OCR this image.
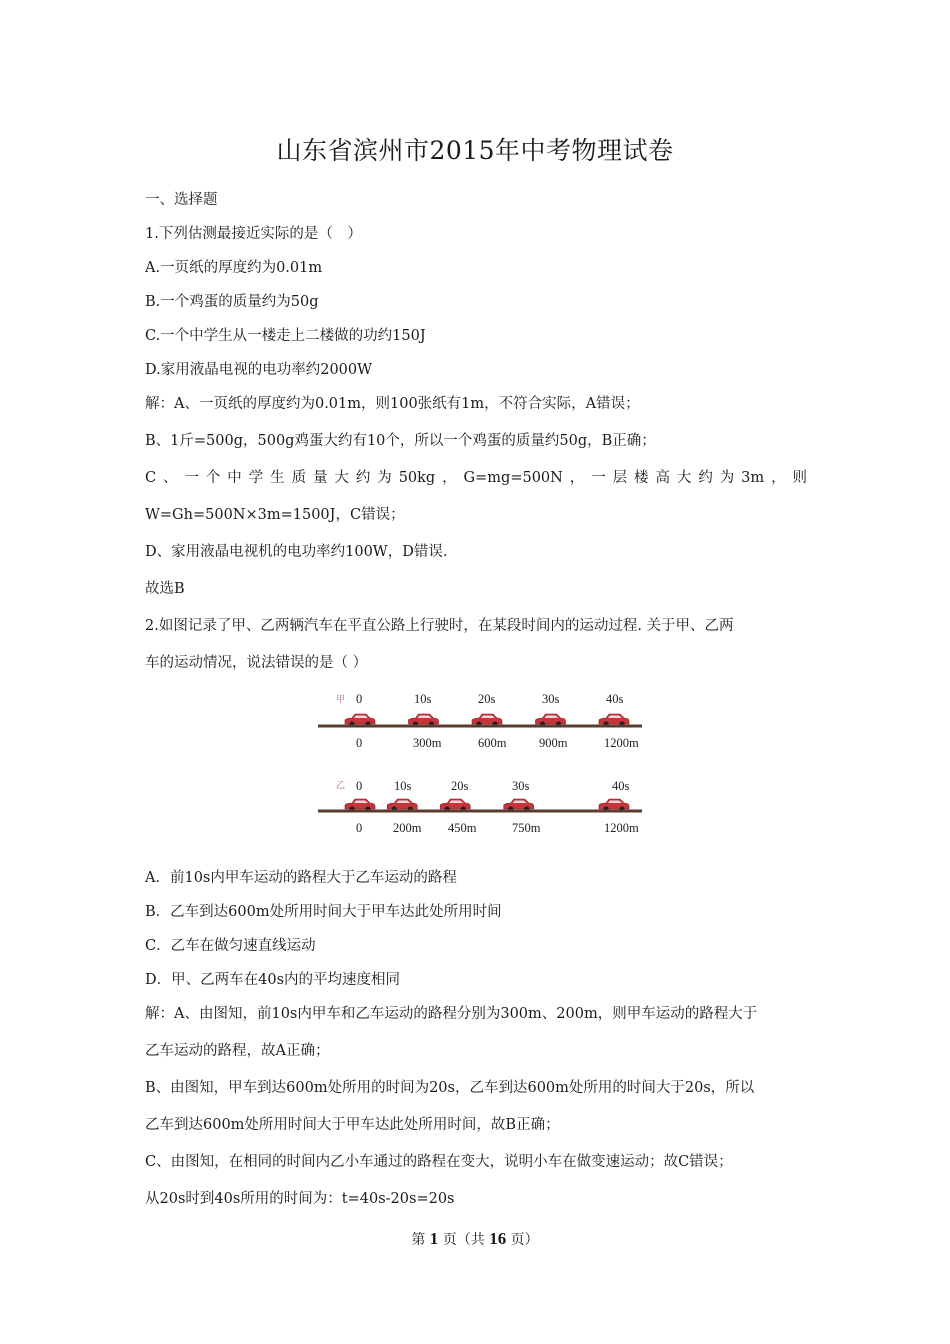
山东省滨州市2015年中考物理试卷
一、选择题
1.下列估测最接近实际的是（　）
A.一页纸的厚度约为0.01m
B.一个鸡蛋的质量约为50g
C.一个中学生从一楼走上二楼做的功约150J
D.家用液晶电视的电功率约2000W
解：A、一页纸的厚度约为0.01m，则100张纸有1m，不符合实际，A错误；
B、1斤=500g，500g鸡蛋大约有10个，所以一个鸡蛋的质量约50g，B正确；
C、一个中学生质量大约为50kg，G=mg=500N，一层楼高大约为3m，则
W=Gh=500N×3m=1500J，C错误；
D、家用液晶电视机的电功率约100W，D错误.
故选B
2.如图记录了甲、乙两辆汽车在平直公路上行驶时，在某段时间内的运动过程. 关于甲、乙两
车的运动情况，说法错误的是（ ）
甲 0	10s	20s	30s	40s
0	300m	600m	900m	1200m
乙 0	10s	20s	30s	40s
0 200m 450m	750m	1200m
A．前10s内甲车运动的路程大于乙车运动的路程
B．乙车到达600m处所用时间大于甲车达此处所用时间
C．乙车在做匀速直线运动
D．甲、乙两车在40s内的平均速度相同
解：A、由图知，前10s内甲车和乙车运动的路程分别为300m、200m，则甲车运动的路程大于
乙车运动的路程，故A正确；
B、由图知，甲车到达600m处所用的时间为20s，乙车到达600m处所用的时间大于20s，所以
乙车到达600m处所用时间大于甲车达此处所用时间，故B正确；
C、由图知，在相同的时间内乙小车通过的路程在变大，说明小车在做变速运动；故C错误；
从20s时到40s所用的时间为：t=40s-20s=20s
第 1 页（共 16 页）
